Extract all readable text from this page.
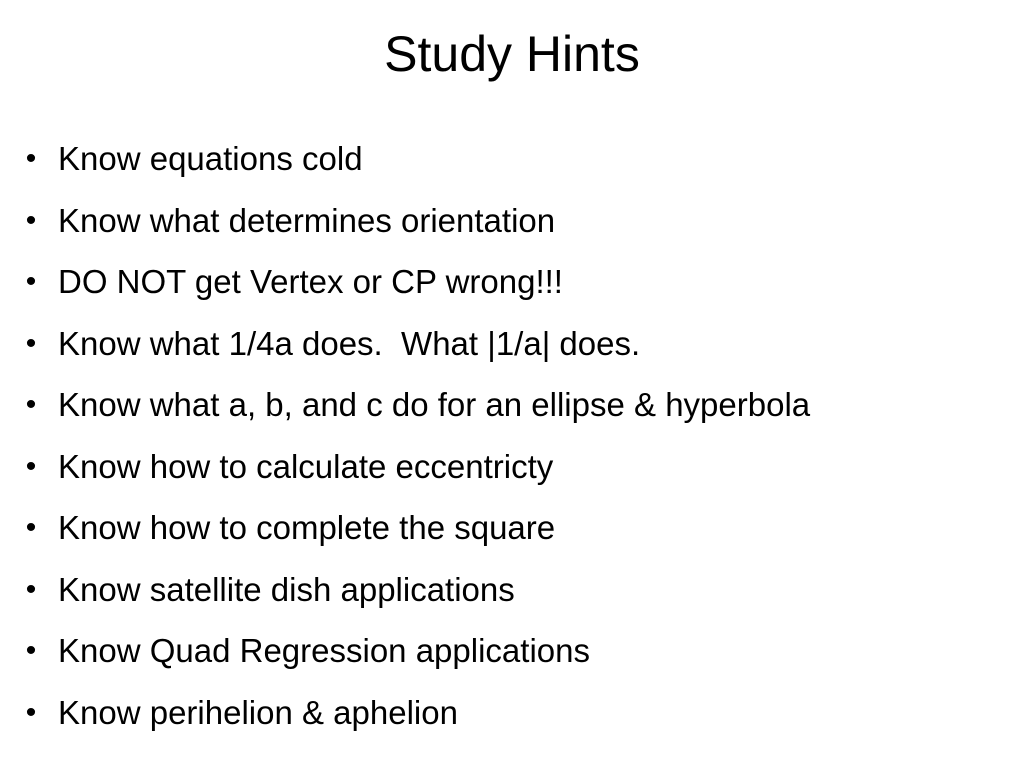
Study Hints
• Know equations cold
• Know what determines orientation
• DO NOT get Vertex or CP wrong!!!
• Know what 1/4a does.  What |1/a| does.
• Know what a, b, and c do for an ellipse & hyperbola
• Know how to calculate eccentricty
• Know how to complete the square
• Know satellite dish applications
• Know Quad Regression applications
• Know perihelion & aphelion
